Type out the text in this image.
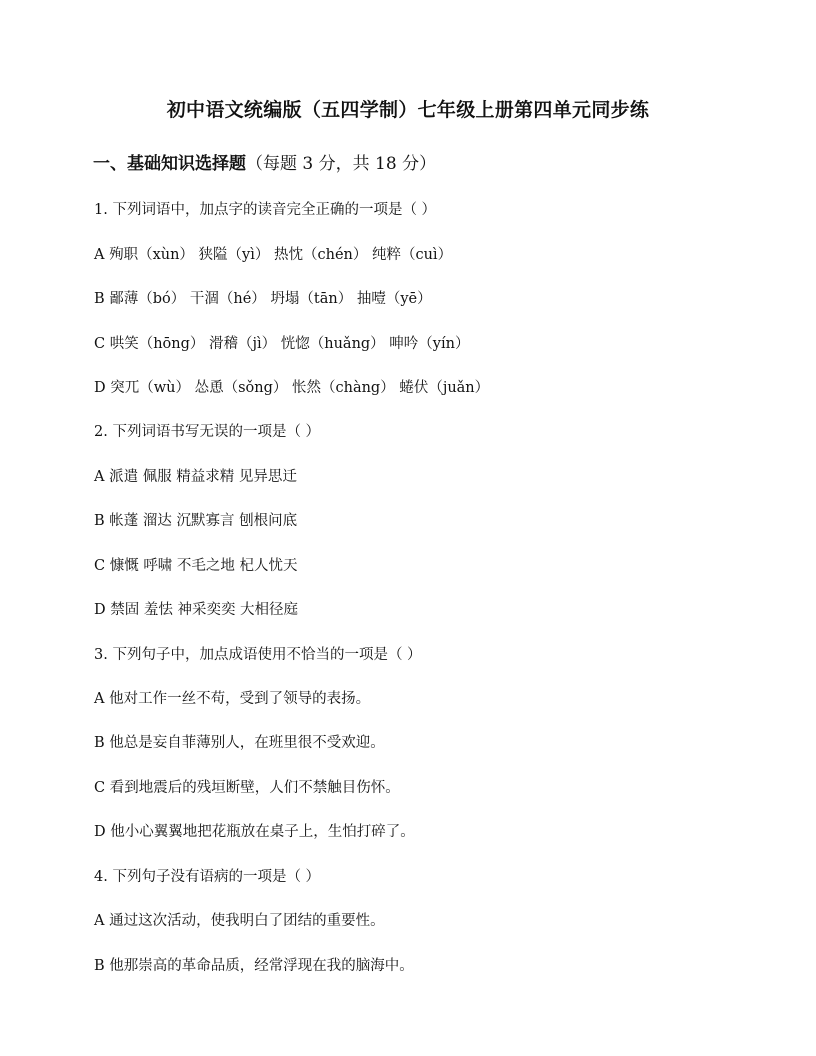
初中语文统编版（五四学制）七年级上册第四单元同步练
一、基础知识选择题（每题 3 分，共 18 分）

1. 下列词语中，加点字的读音完全正确的一项是（ ）

A 殉职（xùn） 狭隘（yì） 热忱（chén） 纯粹（cuì）

B 鄙薄（bó） 干涸（hé） 坍塌（tān） 抽噎（yē）

C 哄笑（hōng） 滑稽（jì） 恍惚（huǎng） 呻吟（yín）

D 突兀（wù） 怂恿（sǒng） 怅然（chàng） 蜷伏（juǎn）

2. 下列词语书写无误的一项是（ ）

A 派遣 佩服 精益求精 见异思迁

B 帐蓬 溜达 沉默寡言 刨根问底

C 慷慨 呼啸 不毛之地 杞人忧天

D 禁固 羞怯 神采奕奕 大相径庭

3. 下列句子中，加点成语使用不恰当的一项是（ ）

A 他对工作一丝不苟，受到了领导的表扬。

B 他总是妄自菲薄别人，在班里很不受欢迎。

C 看到地震后的残垣断壁，人们不禁触目伤怀。

D 他小心翼翼地把花瓶放在桌子上，生怕打碎了。

4. 下列句子没有语病的一项是（ ）

A 通过这次活动，使我明白了团结的重要性。

B 他那崇高的革命品质，经常浮现在我的脑海中。
